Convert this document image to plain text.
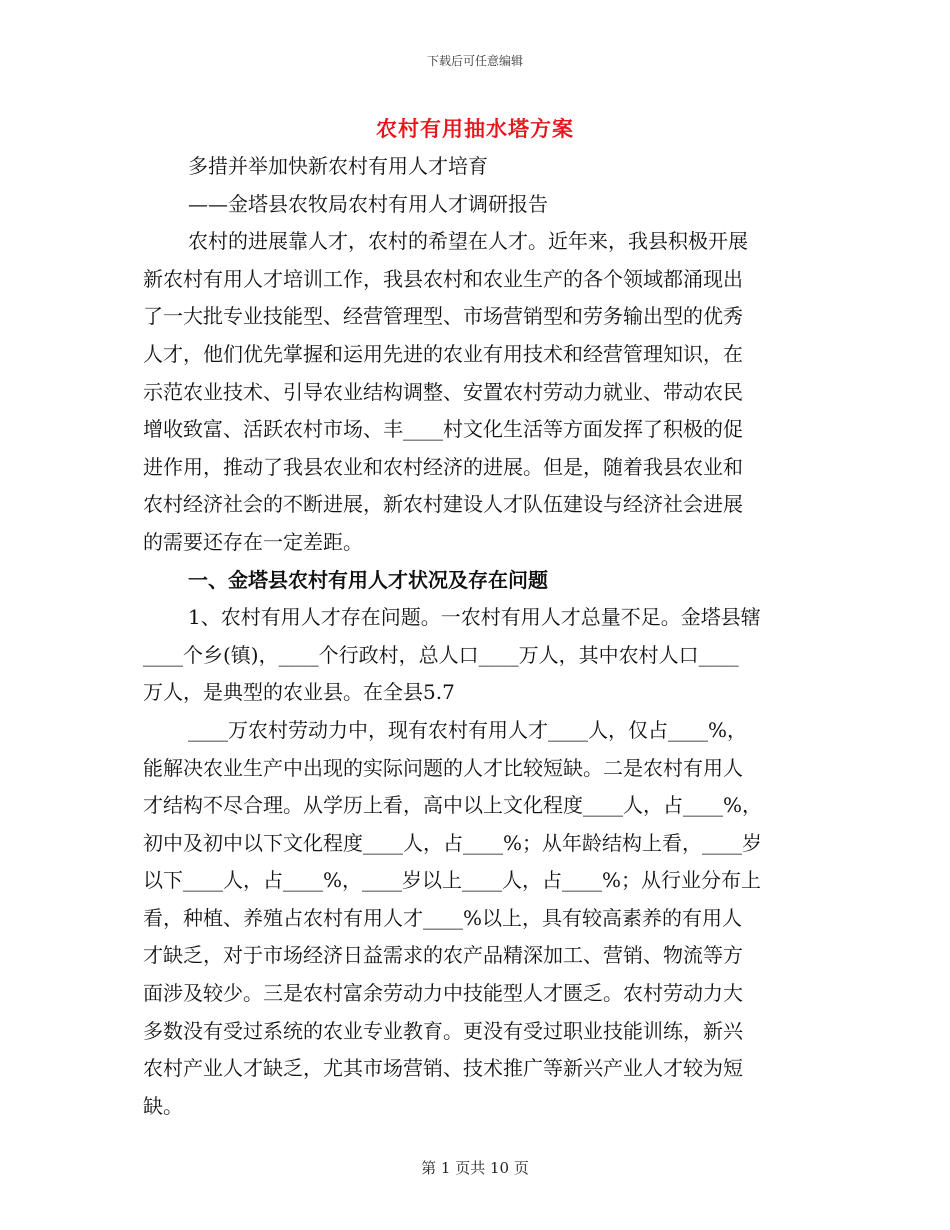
下载后可任意编辑
农村有用抽水塔方案
多措并举加快新农村有用人才培育
——金塔县农牧局农村有用人才调研报告
农村的进展靠人才，农村的希望在人才。近年来，我县积极开展
新农村有用人才培训工作，我县农村和农业生产的各个领域都涌现出
了一大批专业技能型、经营管理型、市场营销型和劳务输出型的优秀
人才，他们优先掌握和运用先进的农业有用技术和经营管理知识，在
示范农业技术、引导农业结构调整、安置农村劳动力就业、带动农民
增收致富、活跃农村市场、丰____村文化生活等方面发挥了积极的促
进作用，推动了我县农业和农村经济的进展。但是，随着我县农业和
农村经济社会的不断进展，新农村建设人才队伍建设与经济社会进展
的需要还存在一定差距。
一、金塔县农村有用人才状况及存在问题
1、农村有用人才存在问题。一农村有用人才总量不足。金塔县辖
____个乡(镇)，____个行政村，总人口____万人，其中农村人口____
万人，是典型的农业县。在全县5.7
____万农村劳动力中，现有农村有用人才____人，仅占____%，
能解决农业生产中出现的实际问题的人才比较短缺。二是农村有用人
才结构不尽合理。从学历上看，高中以上文化程度____人，占____%，
初中及初中以下文化程度____人，占____%；从年龄结构上看，____岁
以下____人，占____%，____岁以上____人，占____%；从行业分布上
看，种植、养殖占农村有用人才____%以上，具有较高素养的有用人
才缺乏，对于市场经济日益需求的农产品精深加工、营销、物流等方
面涉及较少。三是农村富余劳动力中技能型人才匮乏。农村劳动力大
多数没有受过系统的农业专业教育。更没有受过职业技能训练，新兴
农村产业人才缺乏，尤其市场营销、技术推广等新兴产业人才较为短
缺。
第 1 页共 10 页
